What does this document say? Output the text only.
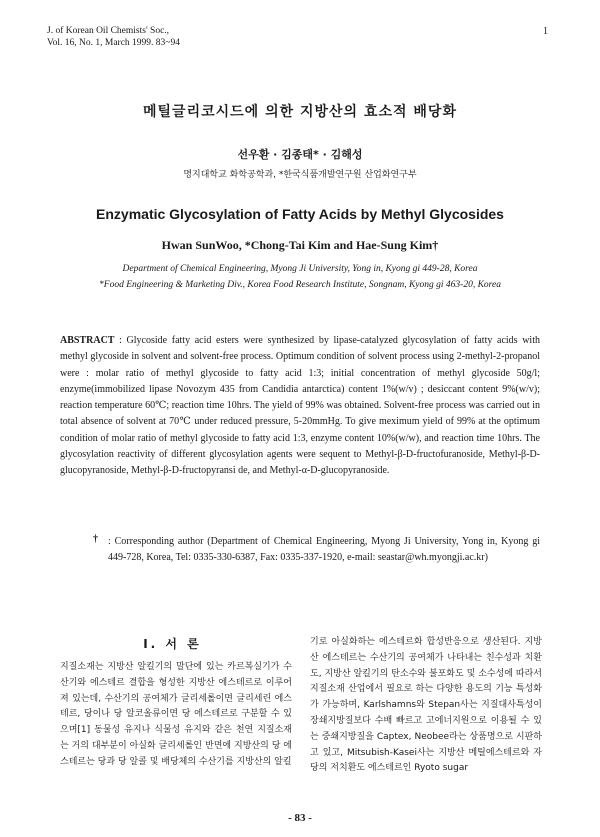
J. of Korean Oil Chemists' Soc.,
Vol. 16, No. 1, March 1999. 83~94
1
메틸글리코시드에 의한 지방산의 효소적 배당화
선우환 · 김종태* · 김해성
명지대학교 화학공학과, *한국식품개발연구원 산업화연구부
Enzymatic Glycosylation of Fatty Acids by Methyl Glycosides
Hwan SunWoo, *Chong-Tai Kim and Hae-Sung Kim†
Department of Chemical Engineering, Myong Ji University, Yong in, Kyong gi 449-28, Korea
*Food Engineering & Marketing Div., Korea Food Research Institute, Songnam, Kyong gi 463-20, Korea

ABSTRACT : Glycoside fatty acid esters were synthesized by lipase-catalyzed glycosylation of fatty acids with methyl glycoside in solvent and solvent-free process. Optimum condition of solvent process using 2-methyl-2-propanol were : molar ratio of methyl glycoside to fatty acid 1:3; initial concentration of methyl glycoside 50g/l; enzyme(immobilized lipase Novozym 435 from Candidia antarctica) content 1%(w/v) ; desiccant content 9%(w/v); reaction temperature 60℃; reaction time 10hrs. The yield of 99% was obtained. Solvent-free process was carried out in total absence of solvent at 70℃ under reduced pressure, 5-20mmHg. To give meximum yield of 99% at the optimum condition of molar ratio of methyl glycoside to fatty acid 1:3, enzyme content 10%(w/w), and reaction time 10hrs. The glycosylation reactivity of different glycosylation agents were sequent to Methyl-β-D-fructofuranoside, Methyl-β-D-glucopyranoside, Methyl-β-D-fructopyransi de, and Methyl-α-D-glucopyranoside.

† : Corresponding author (Department of Chemical Engineering, Myong Ji University, Yong in, Kyong gi 449-728, Korea, Tel: 0335-330-6387, Fax: 0335-337-1920, e-mail: seastar@wh.myongji.ac.kr)

I. 서 론

지질소재는 지방산 알킬기의 말단에 있는 카르복실기가 수산기와 에스테르 결합을 형성한 지방산 에스테르로 이루어져 있는데, 수산기의 공여체가 글리세롤이면 글리세린 에스테르, 당이나 당 알코올류이면 당 에스테르로 구분할 수 있으며[1] 동물성 유지나 식물성 유지와 같은 천연 지질소재는 거의 대부분이 아실화 글리세롤인 반면에 지방산의 당 에스테르는 당과 당 알콜 및 배당체의 수산기를 지방산의 알킬

기로 아실화하는 에스테르화 합성반응으로 생산된다. 지방산 에스테르는 수산기의 공여체가 나타내는 친수성과 치환도, 지방산 알킬기의 탄소수와 불포화도 및 소수성에 따라서 지질소재 산업에서 필요로 하는 다양한 용도의 기능 특성화가 가능하며, Karlshamns와 Stepan사는 지질대사특성이 장쇄지방질보다 수배 빠르고 고에너지원으로 이용될 수 있는 중쇄지방질을 Captex, Neobee라는 상품명으로 시판하고 있고, Mitsubish-Kasei사는 지방산 메틸에스테르와 자당의 저치환도 에스테르인 Ryoto sugar

- 83 -
